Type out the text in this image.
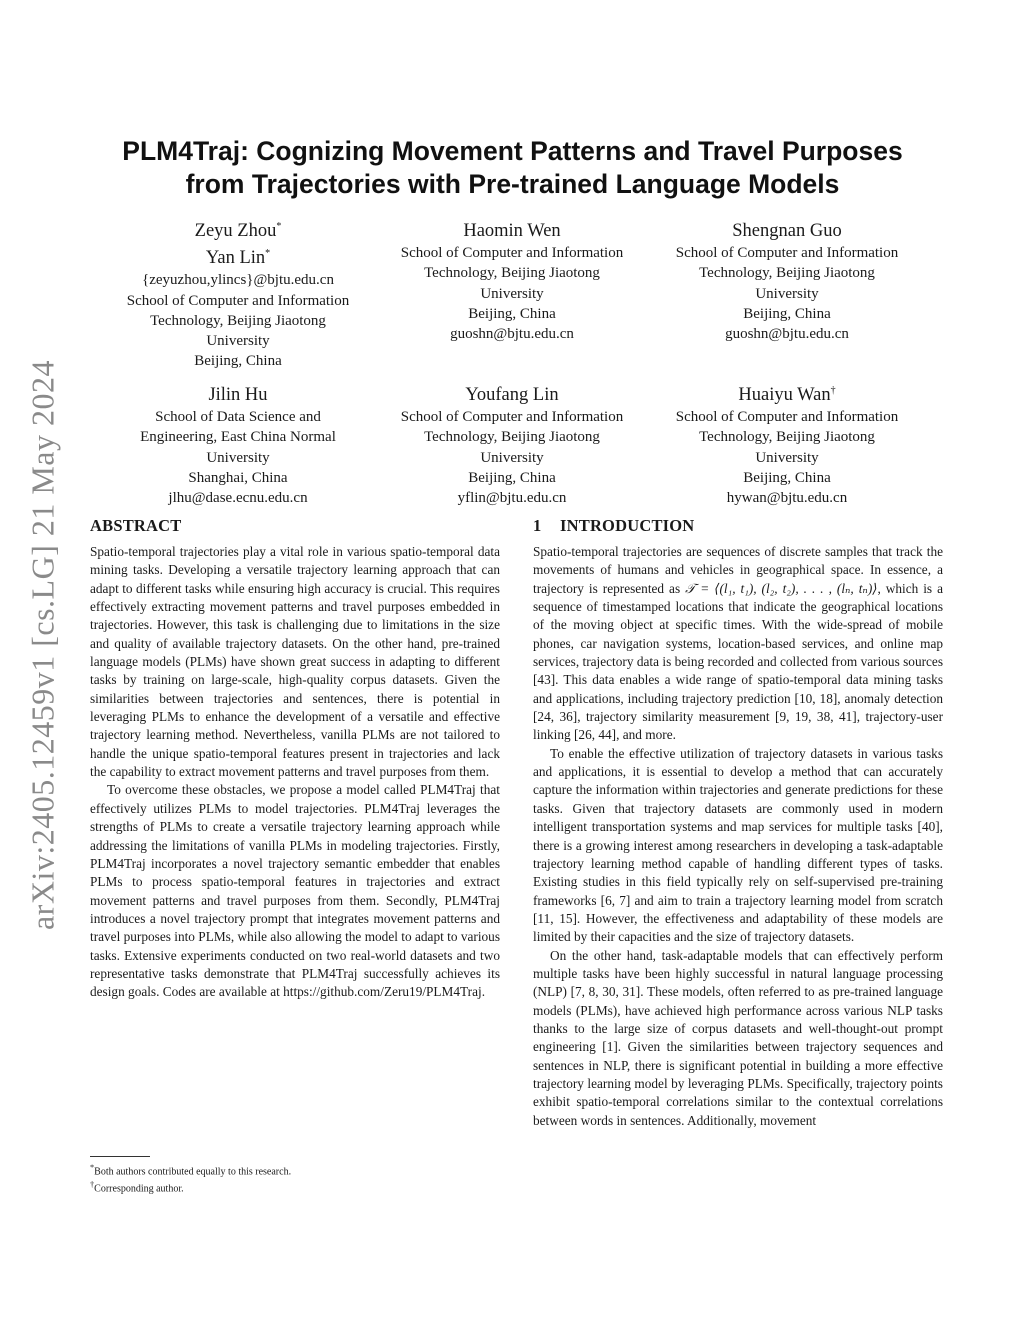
arXiv:2405.12459v1 [cs.LG] 21 May 2024
PLM4Traj: Cognizing Movement Patterns and Travel Purposes
from Trajectories with Pre-trained Language Models
Zeyu Zhou*
Yan Lin*
{zeyuzhou,ylincs}@bjtu.edu.cn
School of Computer and Information
Technology, Beijing Jiaotong
University
Beijing, China
Haomin Wen
School of Computer and Information
Technology, Beijing Jiaotong
University
Beijing, China
guoshn@bjtu.edu.cn
Shengnan Guo
School of Computer and Information
Technology, Beijing Jiaotong
University
Beijing, China
guoshn@bjtu.edu.cn
Jilin Hu
School of Data Science and
Engineering, East China Normal
University
Shanghai, China
jlhu@dase.ecnu.edu.cn
Youfang Lin
School of Computer and Information
Technology, Beijing Jiaotong
University
Beijing, China
yflin@bjtu.edu.cn
Huaiyu Wan†
School of Computer and Information
Technology, Beijing Jiaotong
University
Beijing, China
hywan@bjtu.edu.cn
ABSTRACT

Spatio-temporal trajectories play a vital role in various spatio-temporal data mining tasks. Developing a versatile trajectory learning approach that can adapt to different tasks while ensuring high accuracy is crucial. This requires effectively extracting movement patterns and travel purposes embedded in trajectories. However, this task is challenging due to limitations in the size and quality of available trajectory datasets. On the other hand, pre-trained language models (PLMs) have shown great success in adapting to different tasks by training on large-scale, high-quality corpus datasets. Given the similarities between trajectories and sentences, there is potential in leveraging PLMs to enhance the development of a versatile and effective trajectory learning method. Nevertheless, vanilla PLMs are not tailored to handle the unique spatio-temporal features present in trajectories and lack the capability to extract movement patterns and travel purposes from them.

To overcome these obstacles, we propose a model called PLM4Traj that effectively utilizes PLMs to model trajectories. PLM4Traj leverages the strengths of PLMs to create a versatile trajectory learning approach while addressing the limitations of vanilla PLMs in modeling trajectories. Firstly, PLM4Traj incorporates a novel trajectory semantic embedder that enables PLMs to process spatio-temporal features in trajectories and extract movement patterns and travel purposes from them. Secondly, PLM4Traj introduces a novel trajectory prompt that integrates movement patterns and travel purposes into PLMs, while also allowing the model to adapt to various tasks. Extensive experiments conducted on two real-world datasets and two representative tasks demonstrate that PLM4Traj successfully achieves its design goals. Codes are available at https://github.com/Zeru19/PLM4Traj.

1 INTRODUCTION

Spatio-temporal trajectories are sequences of discrete samples that track the movements of humans and vehicles in geographical space. In essence, a trajectory is represented as 𝒯 = ⟨(l₁, t₁), (l₂, t₂), . . . , (lₙ, tₙ)⟩, which is a sequence of timestamped locations that indicate the geographical locations of the moving object at specific times. With the wide-spread of mobile phones, car navigation systems, location-based services, and online map services, trajectory data is being recorded and collected from various sources [43]. This data enables a wide range of spatio-temporal data mining tasks and applications, including trajectory prediction [10, 18], anomaly detection [24, 36], trajectory similarity measurement [9, 19, 38, 41], trajectory-user linking [26, 44], and more.

To enable the effective utilization of trajectory datasets in various tasks and applications, it is essential to develop a method that can accurately capture the information within trajectories and generate predictions for these tasks. Given that trajectory datasets are commonly used in modern intelligent transportation systems and map services for multiple tasks [40], there is a growing interest among researchers in developing a task-adaptable trajectory learning method capable of handling different types of tasks. Existing studies in this field typically rely on self-supervised pre-training frameworks [6, 7] and aim to train a trajectory learning model from scratch [11, 15]. However, the effectiveness and adaptability of these models are limited by their capacities and the size of trajectory datasets.

On the other hand, task-adaptable models that can effectively perform multiple tasks have been highly successful in natural language processing (NLP) [7, 8, 30, 31]. These models, often referred to as pre-trained language models (PLMs), have achieved high performance across various NLP tasks thanks to the large size of corpus datasets and well-thought-out prompt engineering [1]. Given the similarities between trajectory sequences and sentences in NLP, there is significant potential in building a more effective trajectory learning model by leveraging PLMs. Specifically, trajectory points exhibit spatio-temporal correlations similar to the contextual correlations between words in sentences. Additionally, movement

*Both authors contributed equally to this research.
†Corresponding author.
